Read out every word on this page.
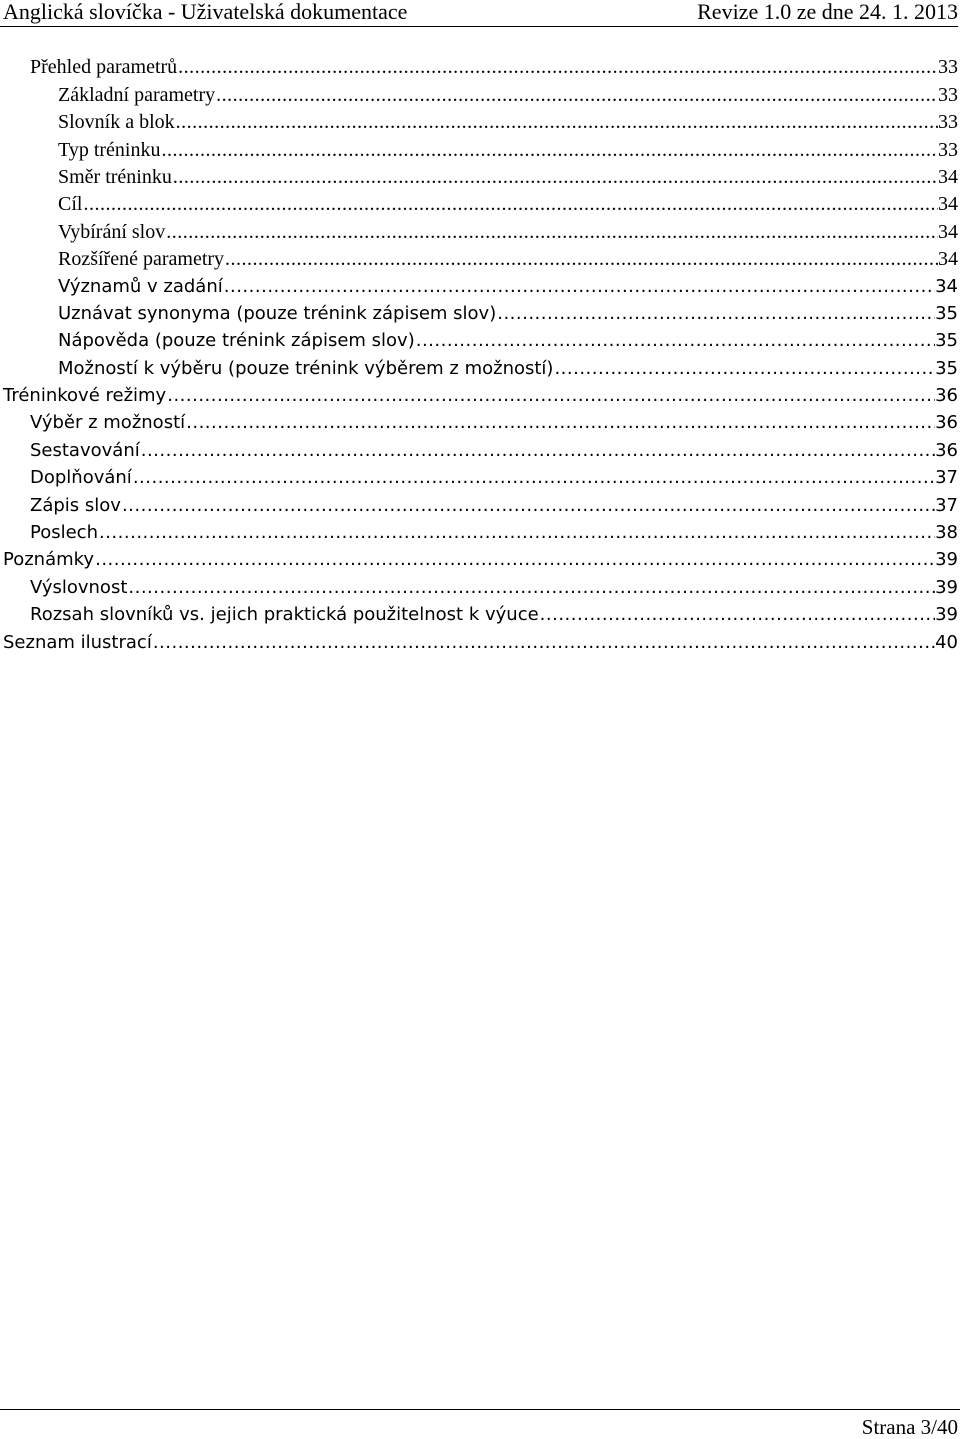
Anglická slovíčka - Uživatelská dokumentace	Revize 1.0 ze dne 24. 1. 2013
Přehled parametrů .....	33
Základní parametry .....	33
Slovník a blok .....	33
Typ tréninku .....	33
Směr tréninku .....	34
Cíl .....	34
Vybírání slov .....	34
Rozšířené parametry .....	34
Významů v zadání .....	34
Uznávat synonyma (pouze trénink zápisem slov) .....	35
Nápověda (pouze trénink zápisem slov) .....	35
Možností k výběru (pouze trénink výběrem z možností) .....	35
Tréninkové režimy .....	36
Výběr z možností .....	36
Sestavování .....	36
Doplňování .....	37
Zápis slov .....	37
Poslech .....	38
Poznámky .....	39
Výslovnost .....	39
Rozsah slovníků vs. jejich praktická použitelnost k výuce .....	39
Seznam ilustrací .....	40
Strana 3/40
